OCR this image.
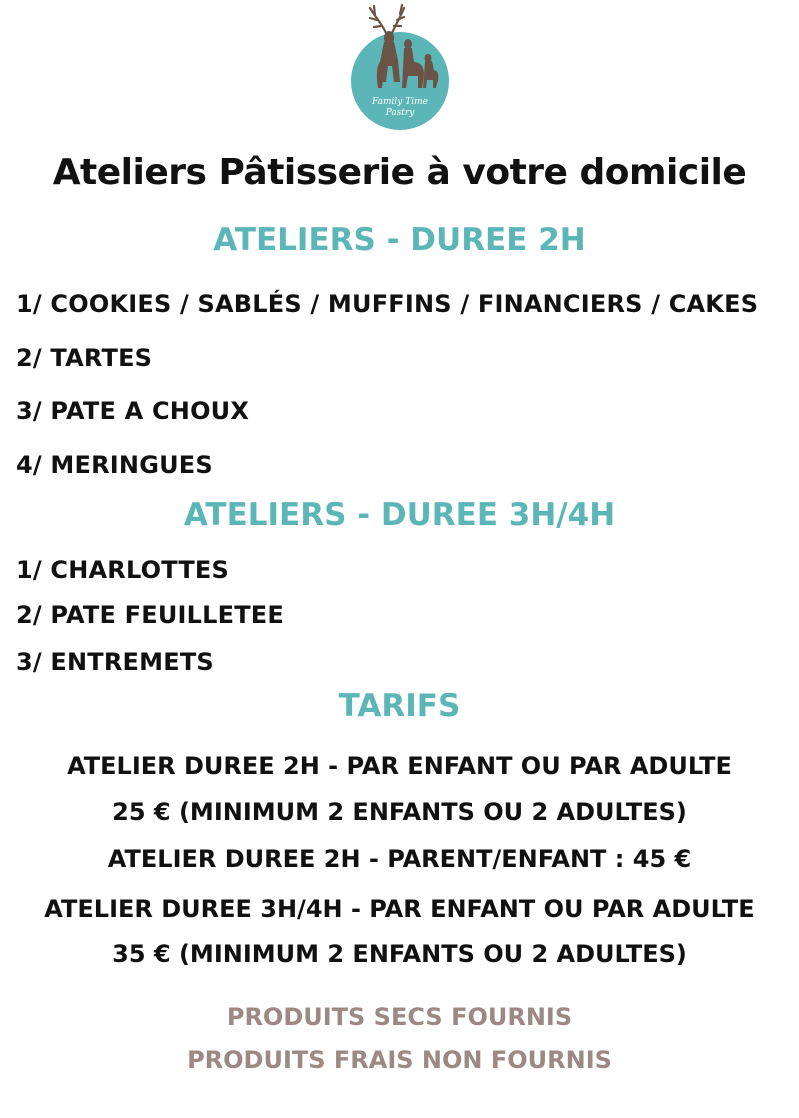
Family Time
Pastry
Ateliers Pâtisserie à votre domicile
ATELIERS - DUREE 2H
1/ COOKIES / SABLÉS / MUFFINS / FINANCIERS / CAKES
2/ TARTES
3/ PATE A CHOUX
4/ MERINGUES
ATELIERS - DUREE 3H/4H
1/ CHARLOTTES
2/ PATE FEUILLETEE
3/ ENTREMETS
TARIFS
ATELIER DUREE 2H - PAR ENFANT OU PAR ADULTE
25 € (MINIMUM 2 ENFANTS OU 2 ADULTES)
ATELIER DUREE 2H - PARENT/ENFANT : 45 €
ATELIER DUREE 3H/4H - PAR ENFANT OU PAR ADULTE
35 € (MINIMUM 2 ENFANTS OU 2 ADULTES)
PRODUITS SECS FOURNIS
PRODUITS FRAIS NON FOURNIS
